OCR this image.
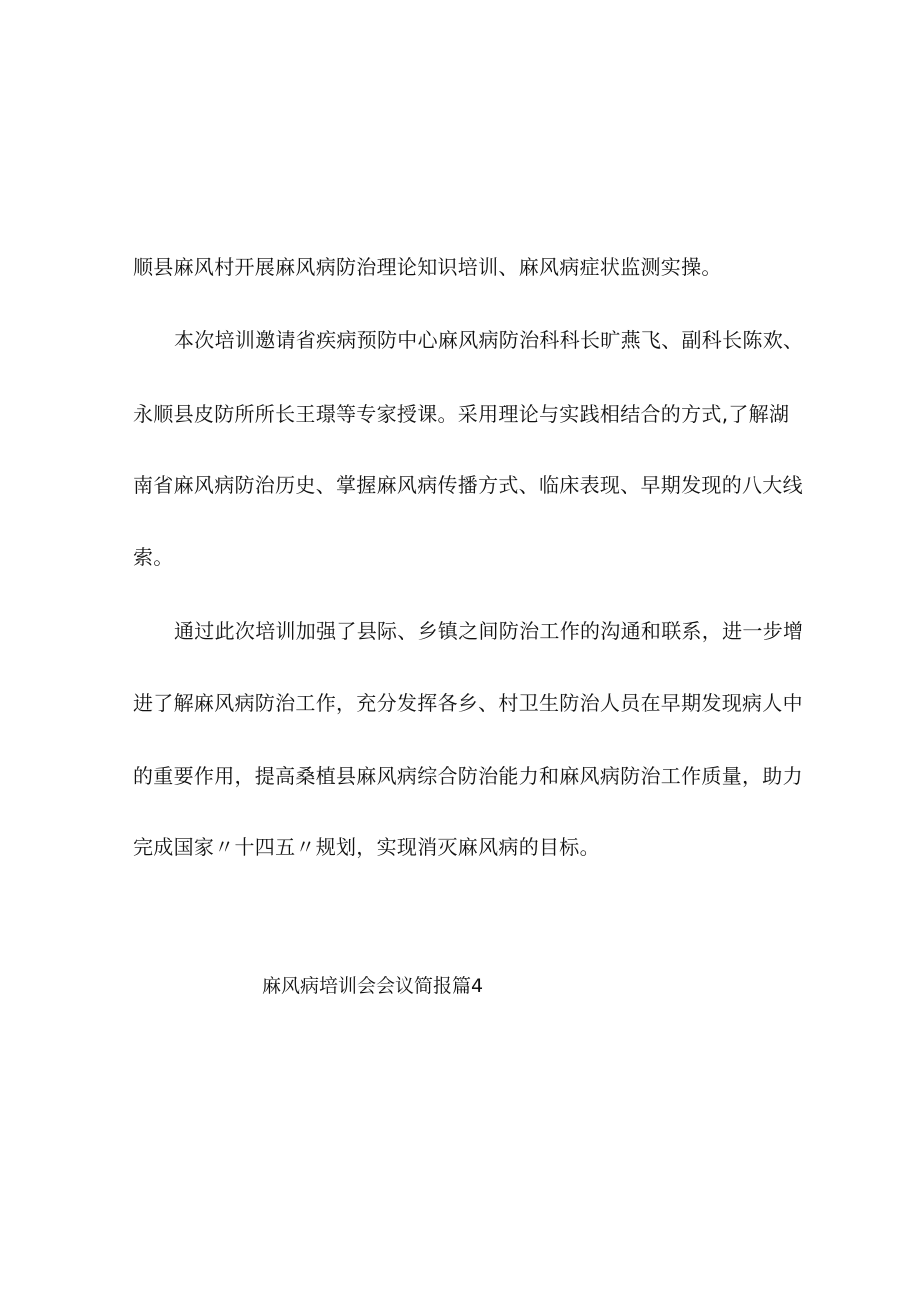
顺县麻风村开展麻风病防治理论知识培训、麻风病症状监测实操。
本次培训邀请省疾病预防中心麻风病防治科科长旷燕飞、副科长陈欢、
永顺县皮防所所长王璟等专家授课。采用理论与实践相结合的方式,了解湖
南省麻风病防治历史、掌握麻风病传播方式、临床表现、早期发现的八大线
索。
通过此次培训加强了县际、乡镇之间防治工作的沟通和联系，进一步增
进了解麻风病防治工作，充分发挥各乡、村卫生防治人员在早期发现病人中
的重要作用，提高桑植县麻风病综合防治能力和麻风病防治工作质量，助力
完成国家〃十四五〃规划，实现消灭麻风病的目标。
麻风病培训会会议简报篇4
